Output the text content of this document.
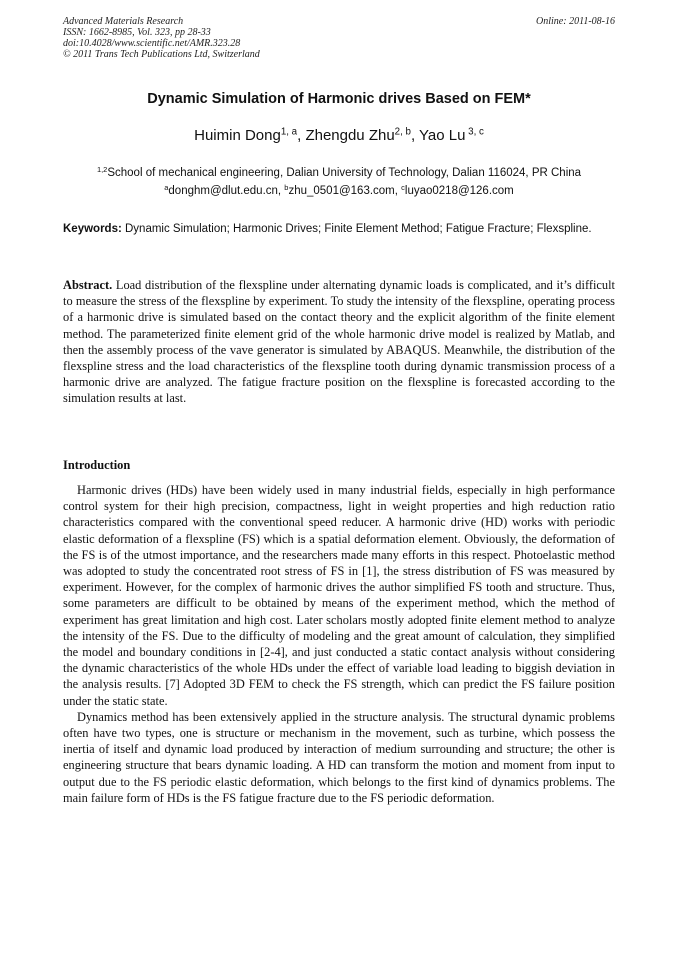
Advanced Materials Research
ISSN: 1662-8985, Vol. 323, pp 28-33
doi:10.4028/www.scientific.net/AMR.323.28
© 2011 Trans Tech Publications Ltd, Switzerland
Online: 2011-08-16
Dynamic Simulation of Harmonic drives Based on FEM*
Huimin Dong$^{1, a}$, Zhengdu Zhu$^{2, b}$, Yao Lu $^{3, c}$
$^{1,2}$School of mechanical engineering, Dalian University of Technology, Dalian 116024, PR China
$^a$donghm@dlut.edu.cn, $^b$zhu_0501@163.com, $^c$luyao0218@126.com
Keywords: Dynamic Simulation; Harmonic Drives; Finite Element Method; Fatigue Fracture; Flexspline.
Abstract. Load distribution of the flexspline under alternating dynamic loads is complicated, and it’s difficult to measure the stress of the flexspline by experiment. To study the intensity of the flexspline, operating process of a harmonic drive is simulated based on the contact theory and the explicit algorithm of the finite element method. The parameterized finite element grid of the whole harmonic drive model is realized by Matlab, and then the assembly process of the vave generator is simulated by ABAQUS. Meanwhile, the distribution of the flexspline stress and the load characteristics of the flexspline tooth during dynamic transmission process of a harmonic drive are analyzed. The fatigue fracture position on the flexspline is forecasted according to the simulation results at last.
Introduction

Harmonic drives (HDs) have been widely used in many industrial fields, especially in high performance control system for their high precision, compactness, light in weight properties and high reduction ratio characteristics compared with the conventional speed reducer. A harmonic drive (HD) works with periodic elastic deformation of a flexspline (FS) which is a spatial deformation element. Obviously, the deformation of the FS is of the utmost importance, and the researchers made many efforts in this respect. Photoelastic method was adopted to study the concentrated root stress of FS in [1], the stress distribution of FS was measured by experiment. However, for the complex of harmonic drives the author simplified FS tooth and structure. Thus, some parameters are difficult to be obtained by means of the experiment method, which the method of experiment has great limitation and high cost. Later scholars mostly adopted finite element method to analyze the intensity of the FS. Due to the difficulty of modeling and the great amount of calculation, they simplified the model and boundary conditions in [2-4], and just conducted a static contact analysis without considering the dynamic characteristics of the whole HDs under the effect of variable load leading to biggish deviation in the analysis results. [7] Adopted 3D FEM to check the FS strength, which can predict the FS failure position under the static state.

Dynamics method has been extensively applied in the structure analysis. The structural dynamic problems often have two types, one is structure or mechanism in the movement, such as turbine, which possess the inertia of itself and dynamic load produced by interaction of medium surrounding and structure; the other is engineering structure that bears dynamic loading. A HD can transform the motion and moment from input to output due to the FS periodic elastic deformation, which belongs to the first kind of dynamics problems. The main failure form of HDs is the FS fatigue fracture due to the FS periodic deformation.
